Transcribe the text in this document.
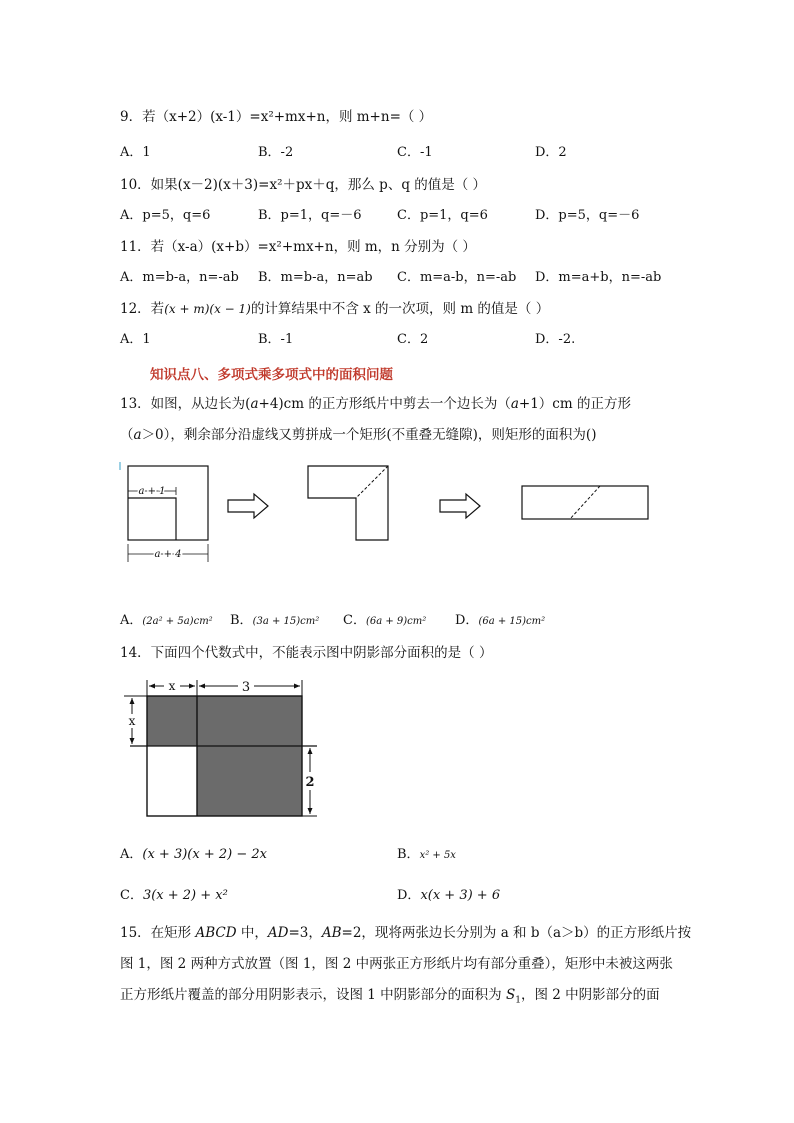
9．若（x+2）(x-1）=x²+mx+n，则 m+n=（ ）
A．1	B．-2	C．-1	D．2
10．如果(x－2)(x＋3)=x²＋px＋q，那么 p、q 的值是（ ）
A．p=5，q=6	B．p=1，q=－6	C．p=1，q=6	D．p=5，q=－6
11．若（x-a）(x+b）=x²+mx+n，则 m，n 分别为（ ）
A．m=b-a，n=-ab B．m=b-a，n=ab C．m=a-b，n=-ab D．m=a+b，n=-ab
12．若(x + m)(x − 1)的计算结果中不含 x 的一次项，则 m 的值是（ ）
A．1	B．-1	C．2	D．-2.
知识点八、多项式乘多项式中的面积问题
13．如图，从边长为(a+4)cm 的正方形纸片中剪去一个边长为（a+1）cm 的正方形
（a＞0），剩余部分沿虚线又剪拼成一个矩形(不重叠无缝隙)，则矩形的面积为()
a + 1
a + 4
A．(2a² + 5a)cm² B．(3a + 15)cm² C．(6a + 9)cm² D．(6a + 15)cm²
14．下面四个代数式中，不能表示图中阴影部分面积的是（ ）
x	3
x
2
A．(x + 3)(x + 2) − 2x	B．x² + 5x
C．3(x + 2) + x²	D．x(x + 3) + 6
15．在矩形 ABCD 中，AD=3，AB=2，现将两张边长分别为 a 和 b（a＞b）的正方形纸片按
图 1，图 2 两种方式放置（图 1，图 2 中两张正方形纸片均有部分重叠），矩形中未被这两张
正方形纸片覆盖的部分用阴影表示，设图 1 中阴影部分的面积为 $S_1$，图 2 中阴影部分的面
